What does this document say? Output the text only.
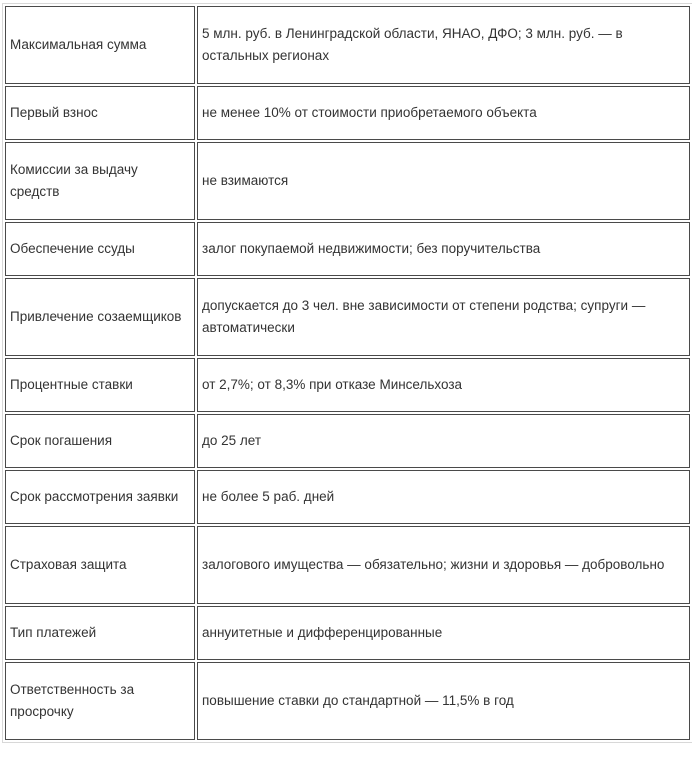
Максимальная сумма	5 млн. руб. в Ленинградской области, ЯНАО, ДФО; 3 млн. руб. — в остальных регионах
Первый взнос	не менее 10% от стоимости приобретаемого объекта
Комиссии за выдачу средств	не взимаются
Обеспечение ссуды	залог покупаемой недвижимости; без поручительства
Привлечение созаемщиков	допускается до 3 чел. вне зависимости от степени родства; супруги — автоматически
Процентные ставки	от 2,7%; от 8,3% при отказе Минсельхоза
Срок погашения	до 25 лет
Срок рассмотрения заявки	не более 5 раб. дней
Страховая защита	залогового имущества — обязательно; жизни и здоровья — добровольно
Тип платежей	аннуитетные и дифференцированные
Ответственность за просрочку	повышение ставки до стандартной — 11,5% в год
